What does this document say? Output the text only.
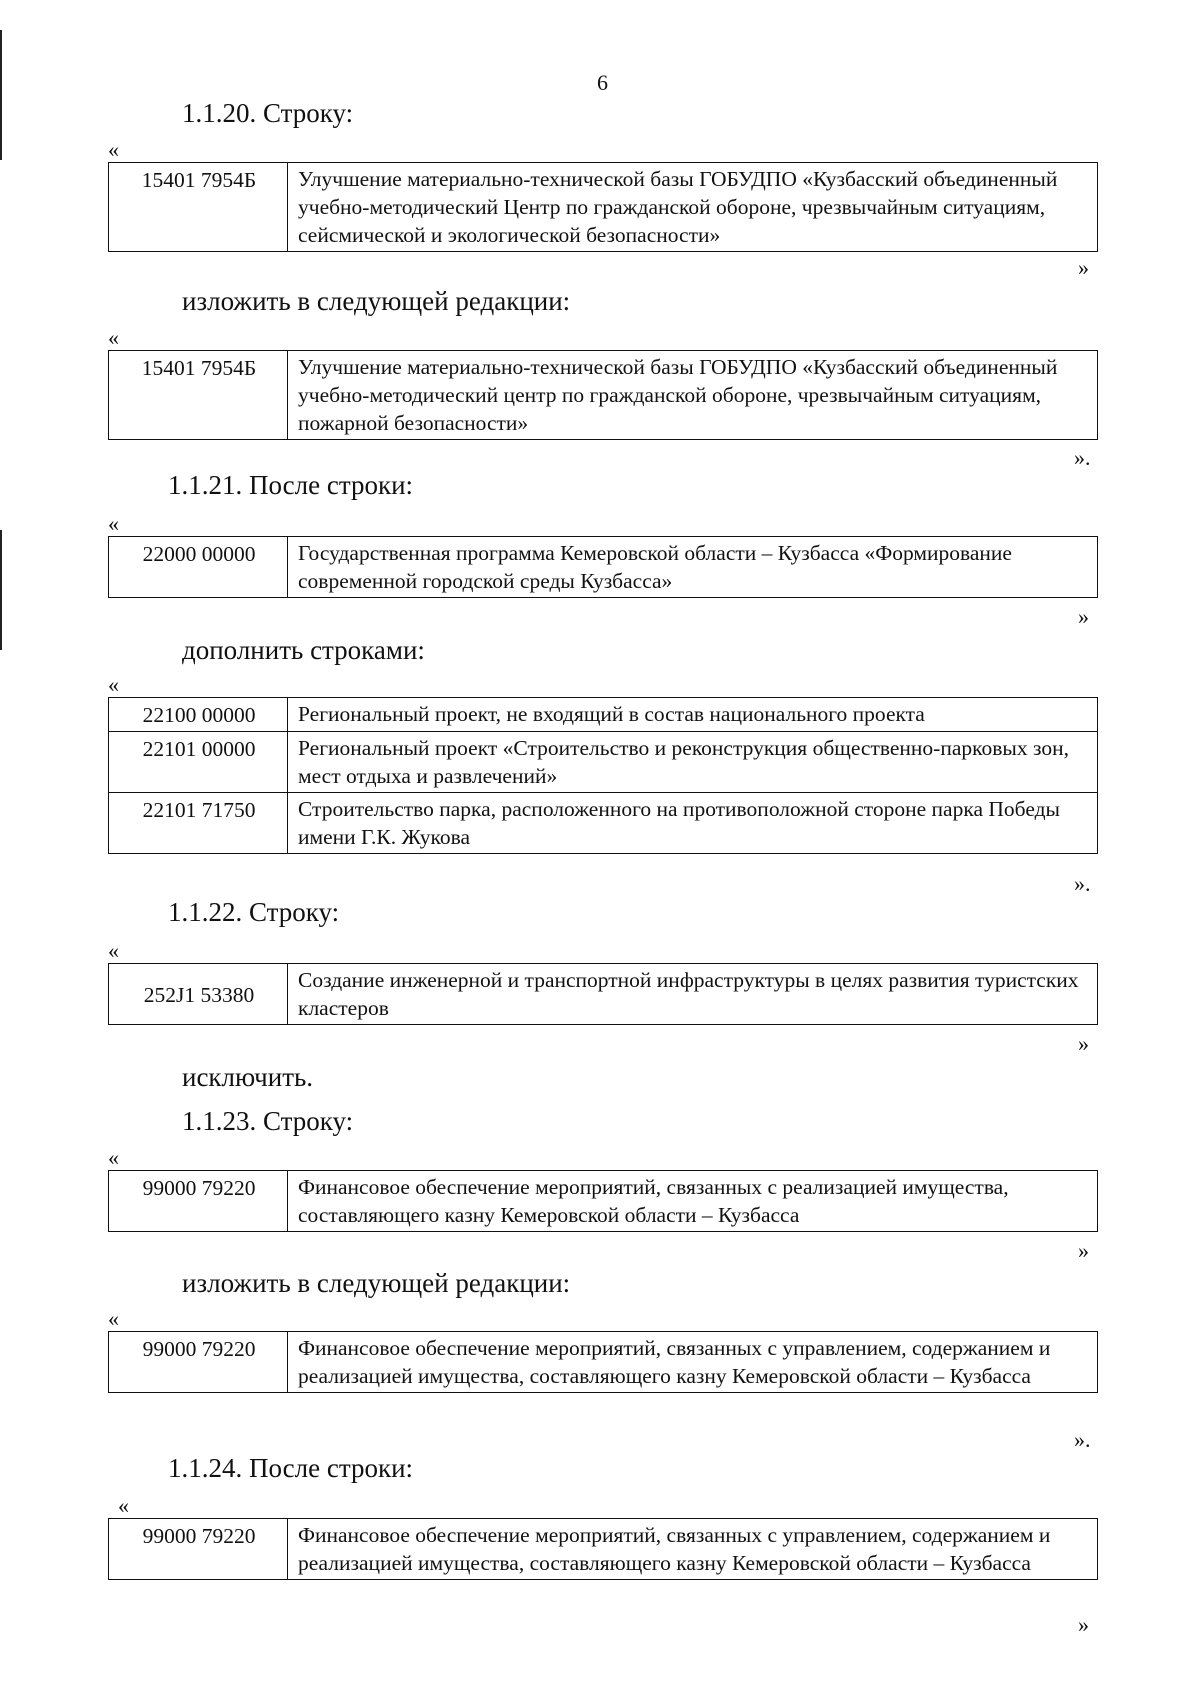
6
1.1.20. Строку:
«
15401 7954Б	Улучшение материально-технической базы ГОБУДПО «Кузбасский объединенный учебно-методический Центр по гражданской обороне, чрезвычайным ситуациям, сейсмической и экологической безопасности»
»
изложить в следующей редакции:
«
15401 7954Б	Улучшение материально-технической базы ГОБУДПО «Кузбасский объединенный учебно-методический центр по гражданской обороне, чрезвычайным ситуациям, пожарной безопасности»
».
1.1.21. После строки:
«
22000 00000	Государственная программа Кемеровской области – Кузбасса «Формирование современной городской среды Кузбасса»
»
дополнить строками:
«
22100 00000	Региональный проект, не входящий в состав национального проекта
22101 00000	Региональный проект «Строительство и реконструкция общественно-парковых зон, мест отдыха и развлечений»
22101 71750	Строительство парка, расположенного на противоположной стороне парка Победы имени Г.К. Жукова
».
1.1.22. Строку:
«
252J1 53380	Создание инженерной и транспортной инфраструктуры в целях развития туристских кластеров
»
исключить.
1.1.23. Строку:
«
99000 79220	Финансовое обеспечение мероприятий, связанных с реализацией имущества, составляющего казну Кемеровской области – Кузбасса
»
изложить в следующей редакции:
«
99000 79220	Финансовое обеспечение мероприятий, связанных с управлением, содержанием и реализацией имущества, составляющего казну Кемеровской области – Кузбасса
».
1.1.24. После строки:
«
99000 79220	Финансовое обеспечение мероприятий, связанных с управлением, содержанием и реализацией имущества, составляющего казну Кемеровской области – Кузбасса
»
